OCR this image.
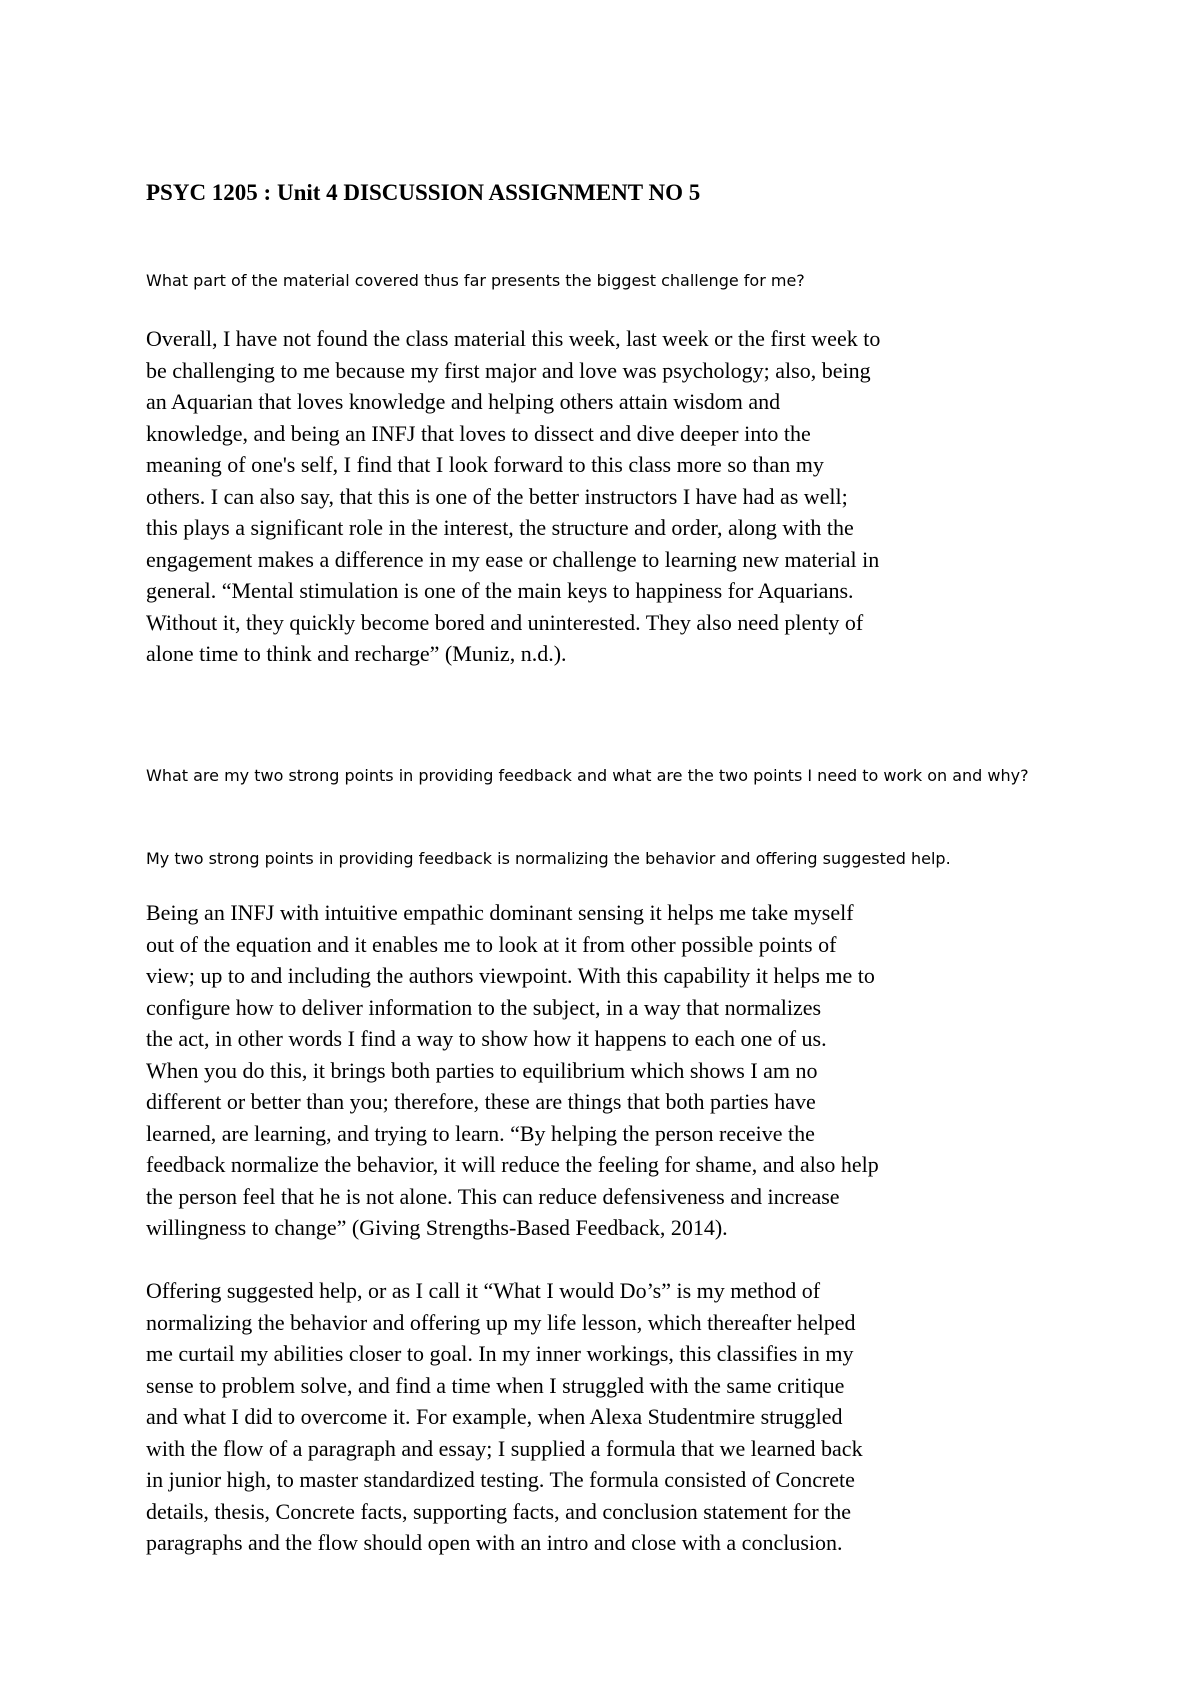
PSYC 1205 : Unit 4 DISCUSSION ASSIGNMENT NO 5

What part of the material covered thus far presents the biggest challenge for me?

Overall, I have not found the class material this week, last week or the first week to
be challenging to me because my first major and love was psychology; also, being
an Aquarian that loves knowledge and helping others attain wisdom and
knowledge, and being an INFJ that loves to dissect and dive deeper into the
meaning of one's self, I find that I look forward to this class more so than my
others. I can also say, that this is one of the better instructors I have had as well;
this plays a significant role in the interest, the structure and order, along with the
engagement makes a difference in my ease or challenge to learning new material in
general. “Mental stimulation is one of the main keys to happiness for Aquarians.
Without it, they quickly become bored and uninterested. They also need plenty of
alone time to think and recharge” (Muniz, n.d.).

What are my two strong points in providing feedback and what are the two points I need to work on and why?

My two strong points in providing feedback is normalizing the behavior and offering suggested help.

Being an INFJ with intuitive empathic dominant sensing it helps me take myself
out of the equation and it enables me to look at it from other possible points of
view; up to and including the authors viewpoint. With this capability it helps me to
configure how to deliver information to the subject, in a way that normalizes
the act, in other words I find a way to show how it happens to each one of us.
When you do this, it brings both parties to equilibrium which shows I am no
different or better than you; therefore, these are things that both parties have
learned, are learning, and trying to learn. “By helping the person receive the
feedback normalize the behavior, it will reduce the feeling for shame, and also help
the person feel that he is not alone. This can reduce defensiveness and increase
willingness to change” (Giving Strengths-Based Feedback, 2014).

Offering suggested help, or as I call it “What I would Do’s” is my method of
normalizing the behavior and offering up my life lesson, which thereafter helped
me curtail my abilities closer to goal. In my inner workings, this classifies in my
sense to problem solve, and find a time when I struggled with the same critique
and what I did to overcome it. For example, when Alexa Studentmire struggled
with the flow of a paragraph and essay; I supplied a formula that we learned back
in junior high, to master standardized testing. The formula consisted of Concrete
details, thesis, Concrete facts, supporting facts, and conclusion statement for the
paragraphs and the flow should open with an intro and close with a conclusion.
